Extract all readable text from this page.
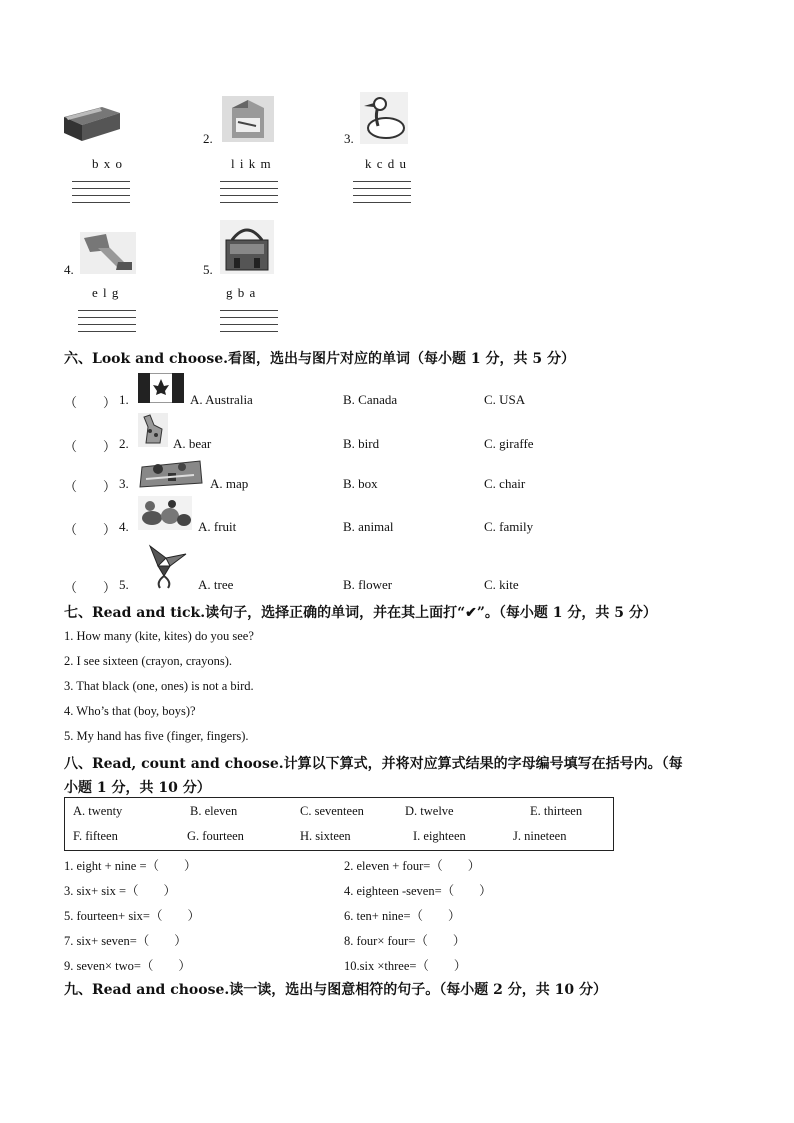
b x o
2.
l i k m
3.
k c d u
4.
e l g
5.
g b a
六、Look and choose.看图，选出与图片对应的单词（每小题 1 分，共 5 分）
（　　） 1.	A. Australia	B. Canada	C. USA
（　　） 2.	A. bear	B. bird	C. giraffe
（　　） 3.	A. map	B. box	C. chair
（　　） 4.	A. fruit	B. animal	C. family
（　　） 5.	A. tree	B. flower	C. kite
七、Read and tick.读句子，选择正确的单词，并在其上面打“✔”。（每小题 1 分，共 5 分）
1. How many (kite, kites) do you see?
2. I see sixteen (crayon, crayons).
3. That black (one, ones) is not a bird.
4. Who’s that (boy, boys)?
5. My hand has five (finger, fingers).
八、Read, count and choose.计算以下算式，并将对应算式结果的字母编号填写在括号内。（每
小题 1 分，共 10 分）
A. twenty	B. eleven	C. seventeen	D. twelve	E. thirteen
F. fifteen	G. fourteen	H. sixteen	I. eighteen	J. nineteen
1. eight + nine =（　　）	2. eleven + four=（　　）
3. six+ six =（　　）	4. eighteen -seven=（　　）
5. fourteen+ six=（　　）	6. ten+ nine=（　　）
7. six+ seven=（　　）	8. four× four=（　　）
9. seven× two=（　　）	10.six ×three=（　　）
九、Read and choose.读一读，选出与图意相符的句子。（每小题 2 分，共 10 分）
